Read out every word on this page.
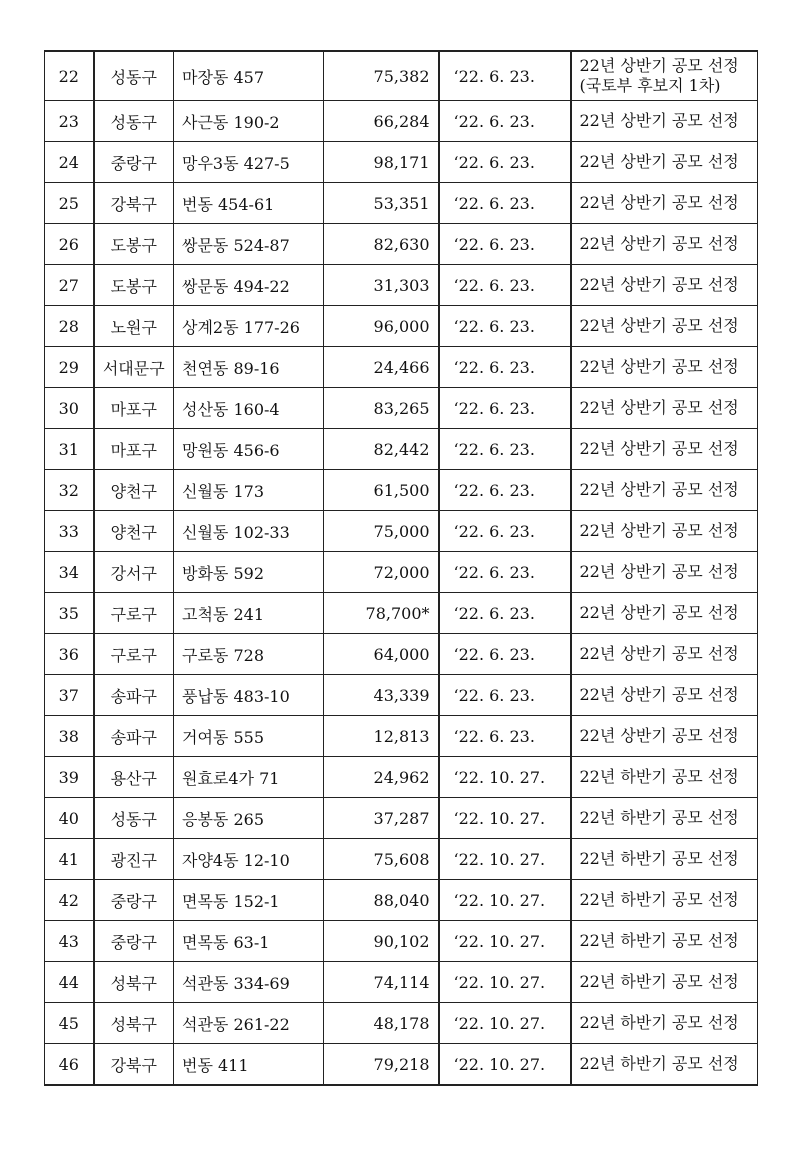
22	성동구	마장동 457	75,382	‘22. 6. 23.	22년 상반기 공모 선정
(국토부 후보지 1차)

23	성동구	사근동 190-2	66,284	‘22. 6. 23.	22년 상반기 공모 선정

24	중랑구	망우3동 427-5	98,171	‘22. 6. 23.	22년 상반기 공모 선정

25	강북구	번동 454-61	53,351	‘22. 6. 23.	22년 상반기 공모 선정

26	도봉구	쌍문동 524-87	82,630	‘22. 6. 23.	22년 상반기 공모 선정

27	도봉구	쌍문동 494-22	31,303	‘22. 6. 23.	22년 상반기 공모 선정

28	노원구	상계2동 177-26	96,000	‘22. 6. 23.	22년 상반기 공모 선정

29	서대문구	천연동 89-16	24,466	‘22. 6. 23.	22년 상반기 공모 선정

30	마포구	성산동 160-4	83,265	‘22. 6. 23.	22년 상반기 공모 선정

31	마포구	망원동 456-6	82,442	‘22. 6. 23.	22년 상반기 공모 선정

32	양천구	신월동 173	61,500	‘22. 6. 23.	22년 상반기 공모 선정

33	양천구	신월동 102-33	75,000	‘22. 6. 23.	22년 상반기 공모 선정

34	강서구	방화동 592	72,000	‘22. 6. 23.	22년 상반기 공모 선정

35	구로구	고척동 241	78,700*	‘22. 6. 23.	22년 상반기 공모 선정

36	구로구	구로동 728	64,000	‘22. 6. 23.	22년 상반기 공모 선정

37	송파구	풍납동 483-10	43,339	‘22. 6. 23.	22년 상반기 공모 선정

38	송파구	거여동 555	12,813	‘22. 6. 23.	22년 상반기 공모 선정

39	용산구	원효로4가 71	24,962	‘22. 10. 27.	22년 하반기 공모 선정

40	성동구	응봉동 265	37,287	‘22. 10. 27.	22년 하반기 공모 선정

41	광진구	자양4동 12-10	75,608	‘22. 10. 27.	22년 하반기 공모 선정

42	중랑구	면목동 152-1	88,040	‘22. 10. 27.	22년 하반기 공모 선정

43	중랑구	면목동 63-1	90,102	‘22. 10. 27.	22년 하반기 공모 선정

44	성북구	석관동 334-69	74,114	‘22. 10. 27.	22년 하반기 공모 선정

45	성북구	석관동 261-22	48,178	‘22. 10. 27.	22년 하반기 공모 선정

46	강북구	번동 411	79,218	‘22. 10. 27.	22년 하반기 공모 선정
